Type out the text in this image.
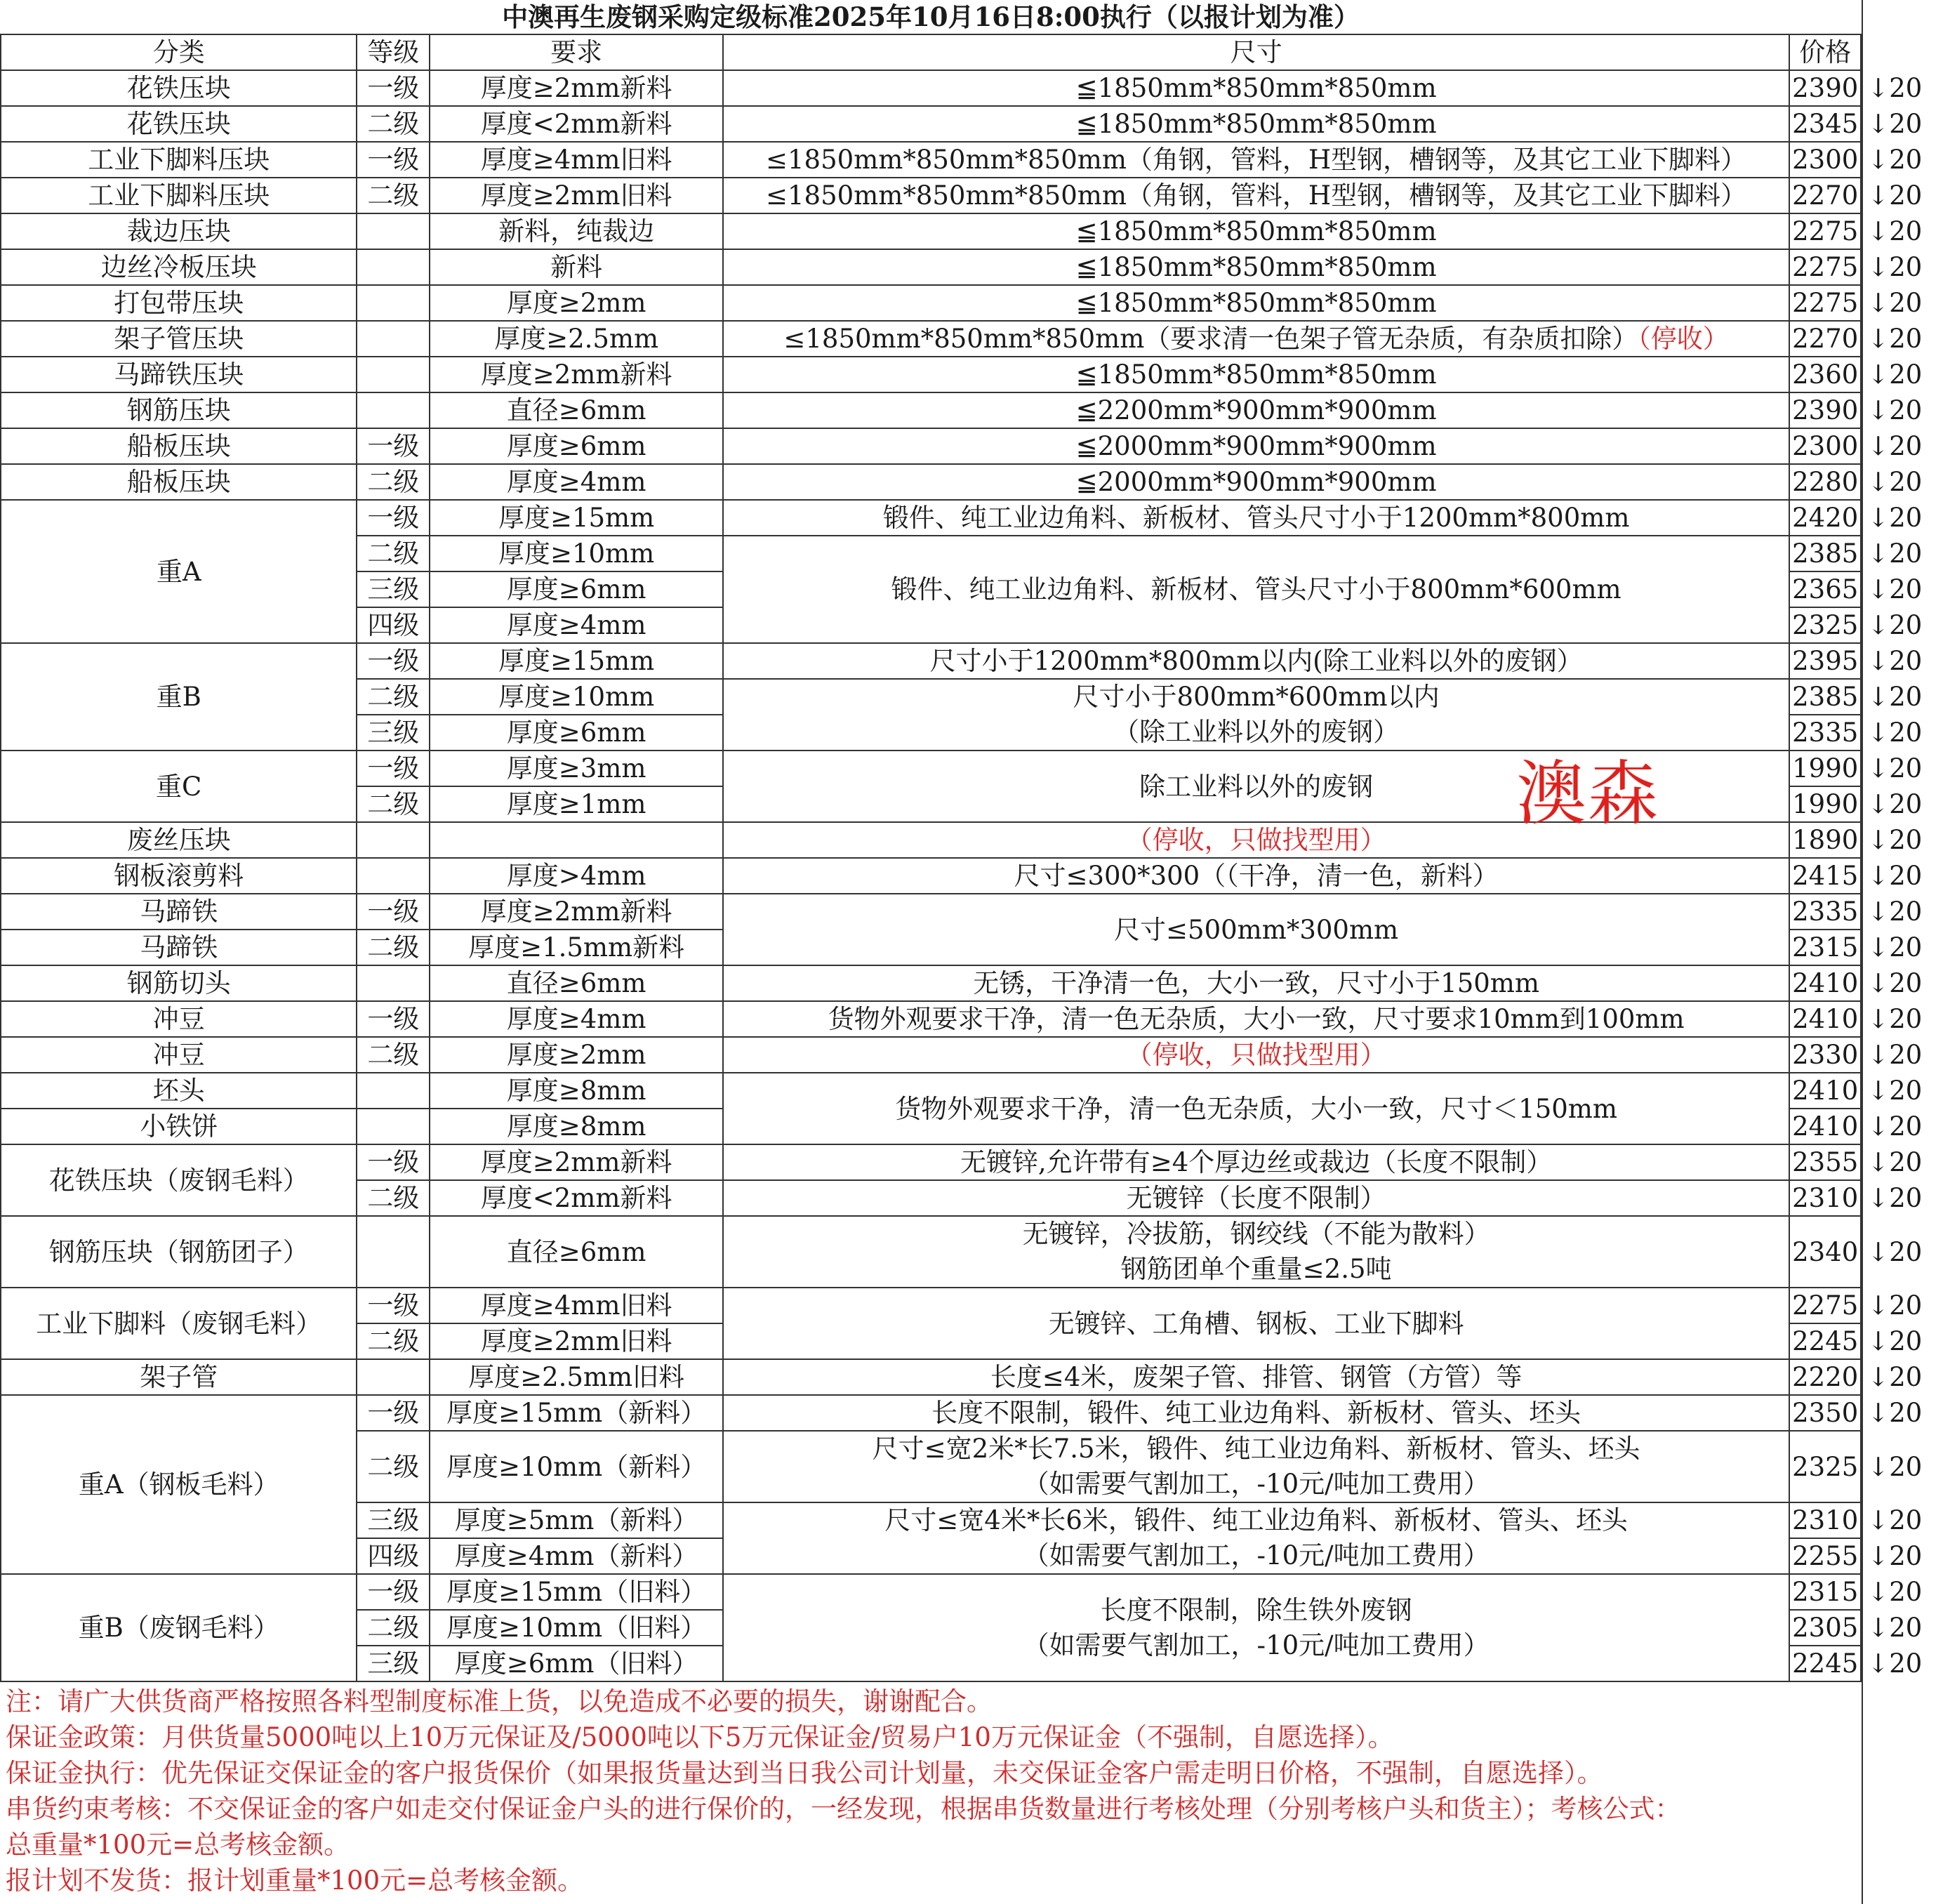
中澳再生废钢采购定级标准2025年10月16日8:00执行（以报计划为准）
分类	等级	要求	尺寸	价格	
花铁压块	一级	厚度≥2mm新料	≦1850mm*850mm*850mm	2390	↓20
花铁压块	二级	厚度<2mm新料	≦1850mm*850mm*850mm	2345	↓20
工业下脚料压块	一级	厚度≥4mm旧料	≤1850mm*850mm*850mm（角钢，管料，H型钢，槽钢等，及其它工业下脚料）	2300	↓20
工业下脚料压块	二级	厚度≥2mm旧料	≤1850mm*850mm*850mm（角钢，管料，H型钢，槽钢等，及其它工业下脚料）	2270	↓20
裁边压块		新料，纯裁边	≦1850mm*850mm*850mm	2275	↓20
边丝冷板压块		新料	≦1850mm*850mm*850mm	2275	↓20
打包带压块		厚度≥2mm	≦1850mm*850mm*850mm	2275	↓20
架子管压块		厚度≥2.5mm	≤1850mm*850mm*850mm（要求清一色架子管无杂质，有杂质扣除）（停收）	2270	↓20
马蹄铁压块		厚度≥2mm新料	≦1850mm*850mm*850mm	2360	↓20
钢筋压块		直径≥6mm	≦2200mm*900mm*900mm	2390	↓20
船板压块	一级	厚度≥6mm	≦2000mm*900mm*900mm	2300	↓20
船板压块	二级	厚度≥4mm	≦2000mm*900mm*900mm	2280	↓20
重A	一级	厚度≥15mm	锻件、纯工业边角料、新板材、管头尺寸小于1200mm*800mm	2420	↓20
	二级	厚度≥10mm	锻件、纯工业边角料、新板材、管头尺寸小于800mm*600mm	2385	↓20
	三级	厚度≥6mm		2365	↓20
	四级	厚度≥4mm		2325	↓20
重B	一级	厚度≥15mm	尺寸小于1200mm*800mm以内(除工业料以外的废钢）	2395	↓20
	二级	厚度≥10mm	尺寸小于800mm*600mm以内
（除工业料以外的废钢）	2385	↓20
	三级	厚度≥6mm		2335	↓20
重C	一级	厚度≥3mm	除工业料以外的废钢	1990	↓20
	二级	厚度≥1mm		1990	↓20
废丝压块			（停收，只做找型用）	1890	↓20
钢板滚剪料		厚度>4mm	尺寸≤300*300（（干净，清一色，新料）	2415	↓20
马蹄铁	一级	厚度≥2mm新料	尺寸≤500mm*300mm	2335	↓20
马蹄铁	二级	厚度≥1.5mm新料		2315	↓20
钢筋切头		直径≥6mm	无锈，干净清一色，大小一致，尺寸小于150mm	2410	↓20
冲豆	一级	厚度≥4mm	货物外观要求干净，清一色无杂质，大小一致，尺寸要求10mm到100mm	2410	↓20
冲豆	二级	厚度≥2mm	（停收，只做找型用）	2330	↓20
坯头		厚度≥8mm	货物外观要求干净，清一色无杂质，大小一致，尺寸＜150mm	2410	↓20
小铁饼		厚度≥8mm		2410	↓20
花铁压块（废钢毛料）	一级	厚度≥2mm新料	无镀锌,允许带有≥4个厚边丝或裁边（长度不限制）	2355	↓20
	二级	厚度<2mm新料	无镀锌（长度不限制）	2310	↓20
钢筋压块（钢筋团子）		直径≥6mm	无镀锌，冷拔筋，钢绞线（不能为散料）
钢筋团单个重量≤2.5吨	2340	↓20
工业下脚料（废钢毛料）	一级	厚度≥4mm旧料	无镀锌、工角槽、钢板、工业下脚料	2275	↓20
	二级	厚度≥2mm旧料		2245	↓20
架子管		厚度≥2.5mm旧料	长度≤4米，废架子管、排管、钢管（方管）等	2220	↓20
重A（钢板毛料）	一级	厚度≥15mm（新料）	长度不限制，锻件、纯工业边角料、新板材、管头、坯头	2350	↓20
	二级	厚度≥10mm（新料）	尺寸≤宽2米*长7.5米，锻件、纯工业边角料、新板材、管头、坯头
（如需要气割加工，-10元/吨加工费用）	2325	↓20
	三级	厚度≥5mm（新料）	尺寸≤宽4米*长6米，锻件、纯工业边角料、新板材、管头、坯头
（如需要气割加工，-10元/吨加工费用）	2310	↓20
	四级	厚度≥4mm（新料）		2255	↓20
重B（废钢毛料）	一级	厚度≥15mm（旧料）	长度不限制，除生铁外废钢
（如需要气割加工，-10元/吨加工费用）	2315	↓20
	二级	厚度≥10mm（旧料）		2305	↓20
	三级	厚度≥6mm（旧料）		2245	↓20
澳森
注：请广大供货商严格按照各料型制度标准上货，以免造成不必要的损失，谢谢配合。
保证金政策：月供货量5000吨以上10万元保证及/5000吨以下5万元保证金/贸易户10万元保证金（不强制，自愿选择）。
保证金执行：优先保证交保证金的客户报货保价（如果报货量达到当日我公司计划量，未交保证金客户需走明日价格，不强制，自愿选择）。
串货约束考核：不交保证金的客户如走交付保证金户头的进行保价的，一经发现，根据串货数量进行考核处理（分别考核户头和货主）；考核公式：
总重量*100元=总考核金额。
报计划不发货：报计划重量*100元=总考核金额。
